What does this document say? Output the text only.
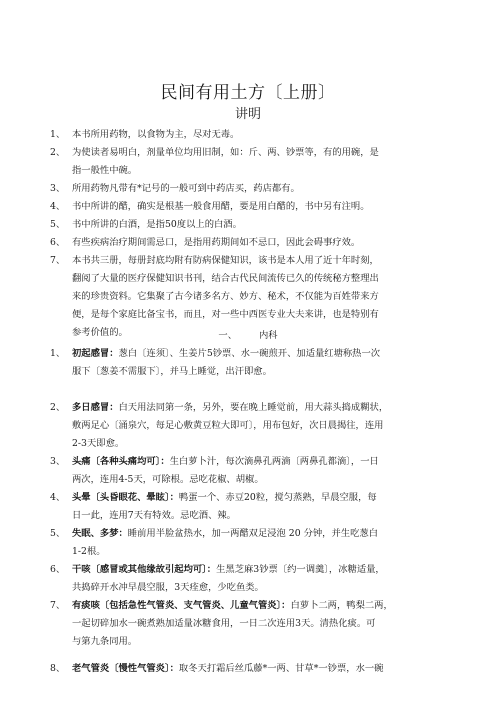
民间有用土方〔上册〕
讲明
1、 本书所用药物，以食物为主，尽对无毒。
2、 为使读者易明白，剂量单位均用旧制，如：斤、两、钞票等，有的用碗，是
指一般性中碗。
3、 所用药物凡带有*记号的一般可到中药店买，药店都有。
4、 书中所讲的醋，确实是根基一般食用醋，要是用白醋的，书中另有注明。
5、 书中所讲的白酒，是指50度以上的白酒。
6、 有些疾病治疗期间需忌口，是指用药期间如不忌口，因此会碍事疗效。
7、 本书共三册，每册封底均附有防病保健知识，该书是本人用了近十年时刻，
翻阅了大量的医疗保健知识书刊，结合古代民间流传已久的传统秘方整理出
来的珍贵资料。它集聚了古今诸多名方、妙方、秘术，不仅能为百姓带来方
便，是每个家庭比备宝书，而且，对一些中西医专业大夫来讲，也是特别有
参考价值的。	一、 内科
1、 初起感冒：葱白〔连须〕、生姜片5钞票、水一碗煎开、加适量红塘称热一次
服下〔葱姜不需服下〕，并马上睡觉，出汗即愈。
2、 多日感冒：白天用法同第一条，另外，要在晚上睡觉前，用大蒜头捣成糊状，
敷两足心〔涌泉穴，每足心敷黄豆粒大即可〕，用布包好，次日晨揭往，连用
2-3天即愈。
3、 头痛〔各种头痛均可〕：生白萝卜汁，每次滴鼻孔两滴〔两鼻孔都滴〕，一日
两次，连用4-5天，可除根。忌吃花椒、胡椒。
4、 头晕〔头昏眼花、晕眩〕：鸭蛋一个、赤豆20粒，搅匀蒸熟，早晨空服，每
日一此，连用7天有特效。忌吃酒、辣。
5、 失眠、多梦：睡前用半脸盆热水，加一两醋双足浸泡 20 分钟，并生吃葱白
1-2根。
6、 干咳〔感冒或其他缘故引起均可〕：生黑芝麻3钞票〔约一调羹〕，冰糖适量，
共捣碎开水冲早晨空服，3天痊愈，少吃鱼类。
7、 有痰咳〔包括急性气管炎、支气管炎、儿童气管炎〕：白萝卜二两，鸭梨二两，
一起切碎加水一碗煮熟加适量冰糖食用，一日二次连用3天。清热化痰。可
与第九条同用。
8、 老气管炎〔慢性气管炎〕：取冬天打霜后丝瓜藤*一两、甘草*一钞票，水一碗
